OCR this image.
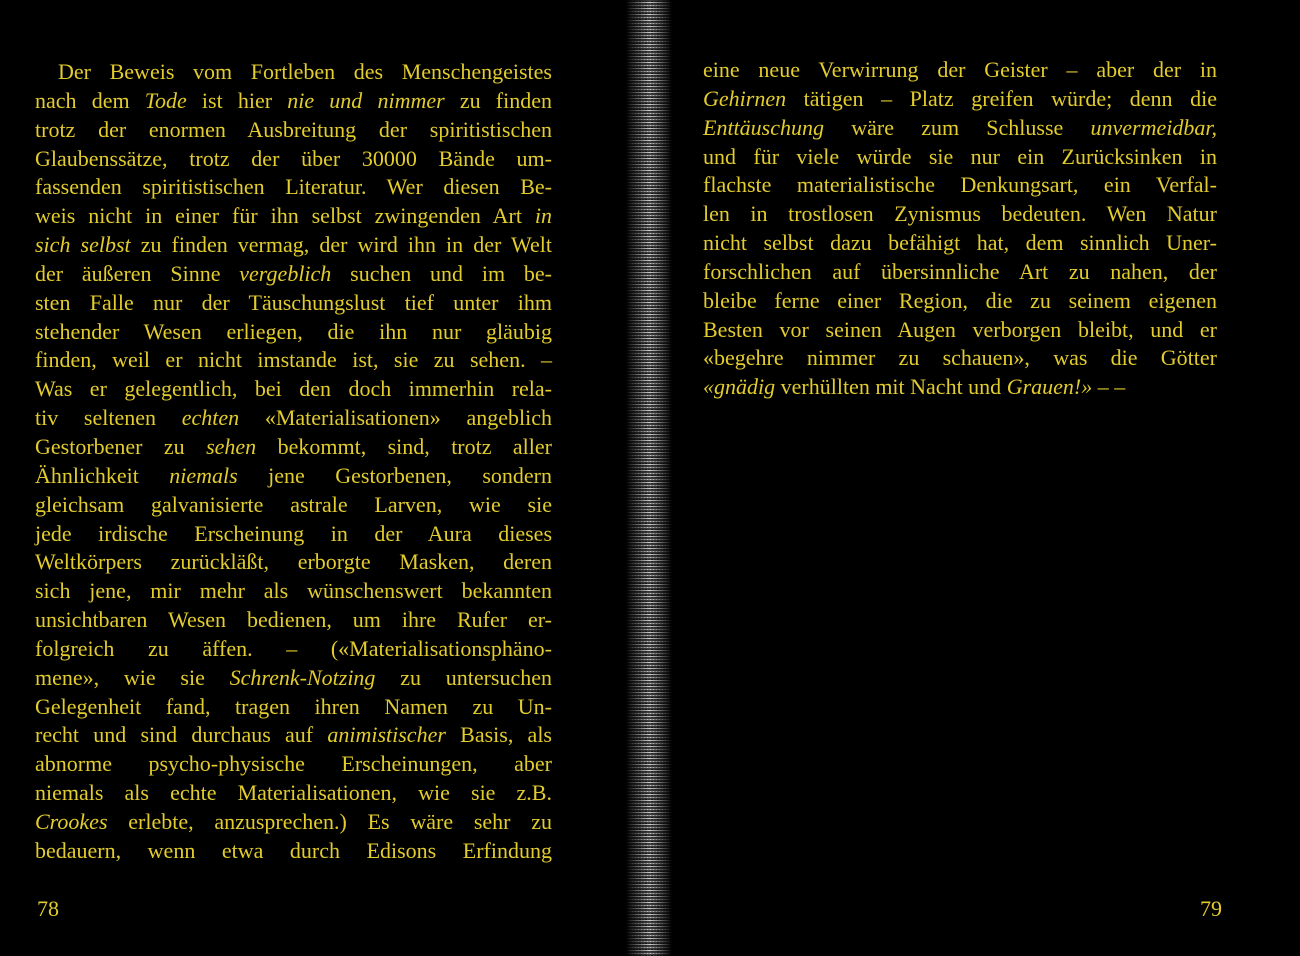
Der Beweis vom Fortleben des Menschengeistes
nach dem Tode ist hier nie und nimmer zu finden
trotz der enormen Ausbreitung der spiritistischen
Glaubenssätze, trotz der über 30000 Bände um-
fassenden spiritistischen Literatur. Wer diesen Be-
weis nicht in einer für ihn selbst zwingenden Art in
sich selbst zu finden vermag, der wird ihn in der Welt
der äußeren Sinne vergeblich suchen und im be-
sten Falle nur der Täuschungslust tief unter ihm
stehender Wesen erliegen, die ihn nur gläubig
finden, weil er nicht imstande ist, sie zu sehen. –
Was er gelegentlich, bei den doch immerhin rela-
tiv seltenen echten «Materialisationen» angeblich
Gestorbener zu sehen bekommt, sind, trotz aller
Ähnlichkeit niemals jene Gestorbenen, sondern
gleichsam galvanisierte astrale Larven, wie sie
jede irdische Erscheinung in der Aura dieses
Weltkörpers zurückläßt, erborgte Masken, deren
sich jene, mir mehr als wünschenswert bekannten
unsichtbaren Wesen bedienen, um ihre Rufer er-
folgreich zu äffen. – («Materialisationsphäno-
mene», wie sie Schrenk-Notzing zu untersuchen
Gelegenheit fand, tragen ihren Namen zu Un-
recht und sind durchaus auf animistischer Basis, als
abnorme psycho-physische Erscheinungen, aber
niemals als echte Materialisationen, wie sie z.B.
Crookes erlebte, anzusprechen.) Es wäre sehr zu
bedauern, wenn etwa durch Edisons Erfindung
78
eine neue Verwirrung der Geister – aber der in
Gehirnen tätigen – Platz greifen würde; denn die
Enttäuschung wäre zum Schlusse unvermeidbar,
und für viele würde sie nur ein Zurücksinken in
flachste materialistische Denkungsart, ein Verfal-
len in trostlosen Zynismus bedeuten. Wen Natur
nicht selbst dazu befähigt hat, dem sinnlich Uner-
forschlichen auf übersinnliche Art zu nahen, der
bleibe ferne einer Region, die zu seinem eigenen
Besten vor seinen Augen verborgen bleibt, und er
«begehre nimmer zu schauen», was die Götter
«gnädig verhüllten mit Nacht und Grauen!» – –
79
